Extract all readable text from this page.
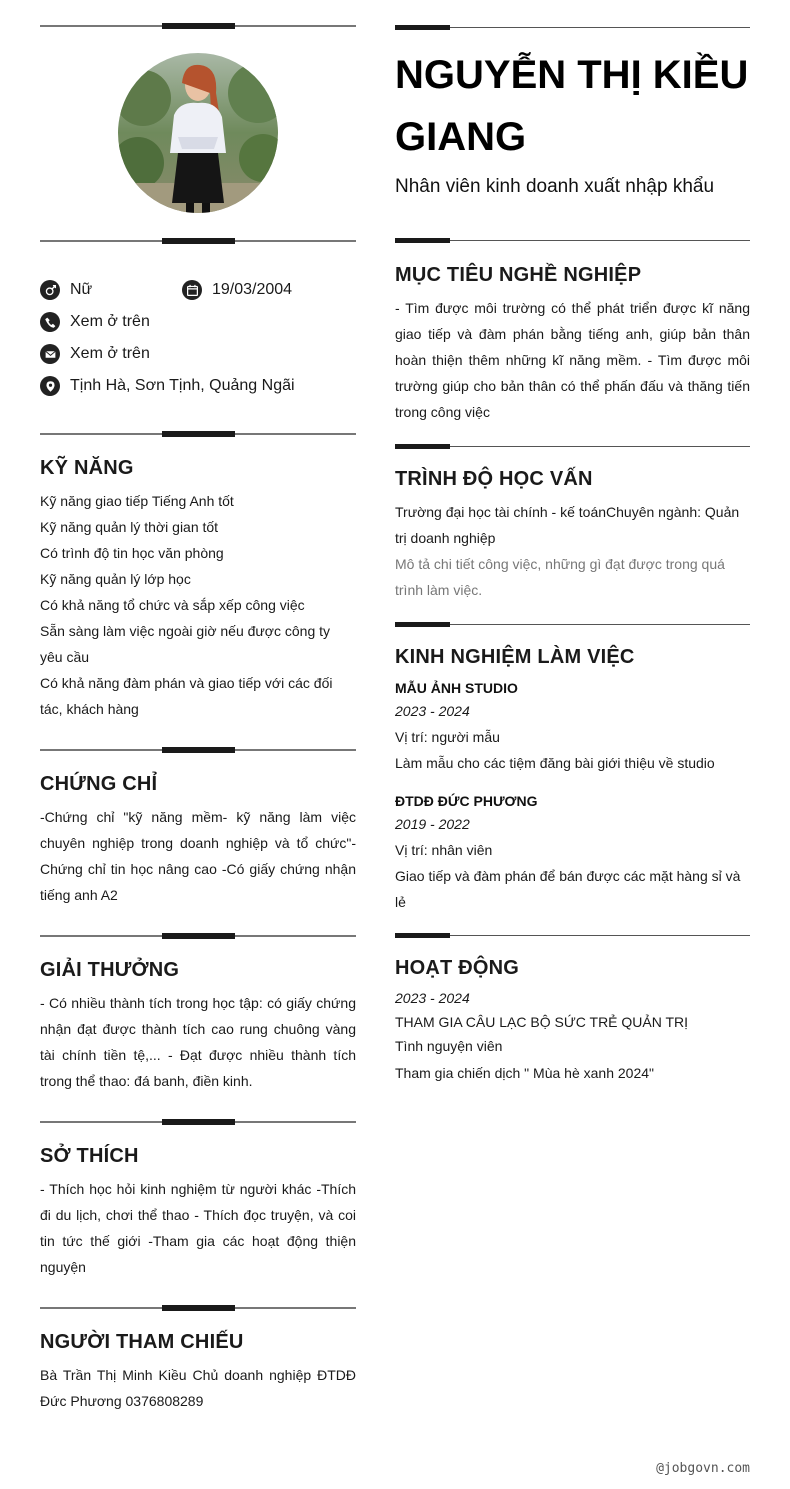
Nữ	19/03/2004
Xem ở trên
Xem ở trên
Tịnh Hà, Sơn Tịnh, Quảng Ngãi
KỸ NĂNG
Kỹ năng giao tiếp Tiếng Anh tốt
Kỹ năng quản lý thời gian tốt
Có trình độ tin học văn phòng
Kỹ năng quản lý lớp học
Có khả năng tổ chức và sắp xếp công việc
Sẵn sàng làm việc ngoài giờ nếu được công ty yêu cầu
Có khả năng đàm phán và giao tiếp với các đối tác, khách hàng
CHỨNG CHỈ
-Chứng chỉ "kỹ năng mềm- kỹ năng làm việc chuyên nghiệp trong doanh nghiệp và tổ chức"- Chứng chỉ tin học nâng cao -Có giấy chứng nhận tiếng anh A2
GIẢI THƯỞNG
- Có nhiều thành tích trong học tập: có giấy chứng nhận đạt được thành tích cao rung chuông vàng tài chính tiền tệ,... - Đạt được nhiều thành tích trong thể thao: đá banh, điền kinh.
SỞ THÍCH
- Thích học hỏi kinh nghiệm từ người khác -Thích đi du lịch, chơi thể thao - Thích đọc truyện, và coi tin tức thế giới -Tham gia các hoạt động thiện nguyện
NGƯỜI THAM CHIẾU
Bà Trần Thị Minh Kiều Chủ doanh nghiệp ĐTDĐ Đức Phương 0376808289
NGUYỄN THỊ KIỀU GIANG
Nhân viên kinh doanh xuất nhập khẩu
MỤC TIÊU NGHỀ NGHIỆP
- Tìm được môi trường có thể phát triển được kĩ năng giao tiếp và đàm phán bằng tiếng anh, giúp bản thân hoàn thiện thêm những kĩ năng mềm. - Tìm được môi trường giúp cho bản thân có thể phấn đấu và thăng tiến trong công việc
TRÌNH ĐỘ HỌC VẤN
Trường đại học tài chính - kế toánChuyên ngành: Quản trị doanh nghiệp
Mô tả chi tiết công việc, những gì đạt được trong quá trình làm việc.
KINH NGHIỆM LÀM VIỆC
MẪU ẢNH STUDIO
2023 - 2024
Vị trí: người mẫu
Làm mẫu cho các tiệm đăng bài giới thiệu về studio
ĐTDĐ ĐỨC PHƯƠNG
2019 - 2022
Vị trí: nhân viên
Giao tiếp và đàm phán để bán được các mặt hàng sỉ và lẻ
HOẠT ĐỘNG
2023 - 2024
THAM GIA CÂU LẠC BỘ SỨC TRẺ QUẢN TRỊ
Tình nguyện viên
Tham gia chiến dịch " Mùa hè xanh 2024"
@jobgovn.com
